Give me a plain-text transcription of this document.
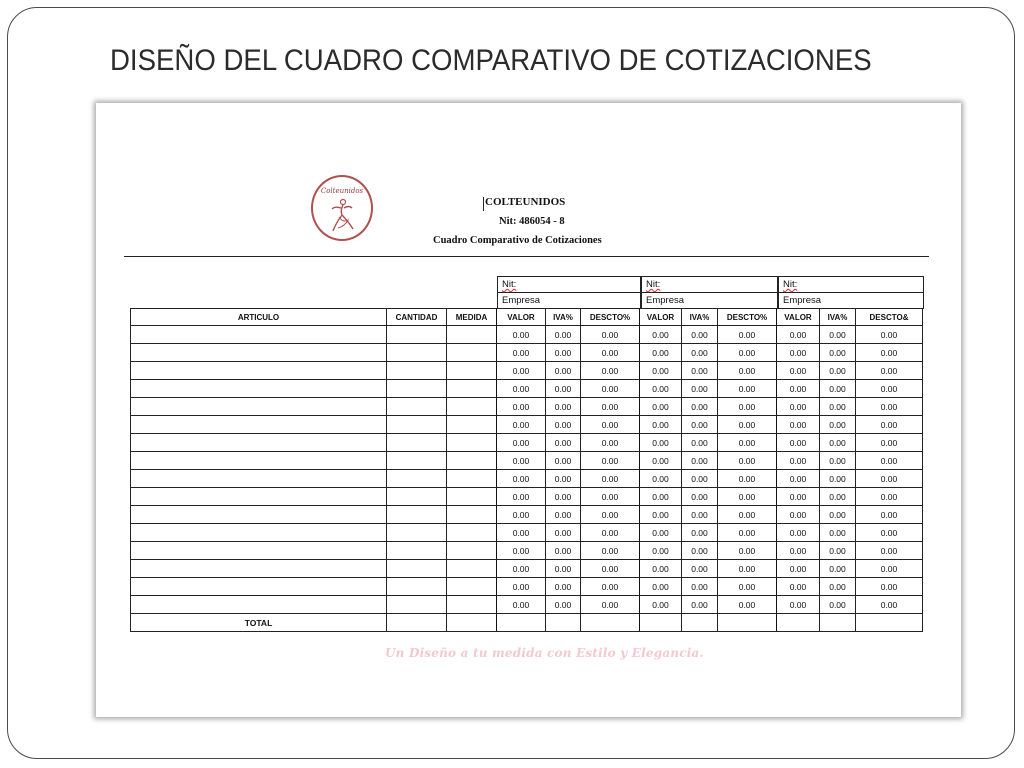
DISEÑO DEL CUADRO COMPARATIVO DE COTIZACIONES
Colteunidos
COLTEUNIDOS
Nit: 486054 - 8
Cuadro Comparativo de Cotizaciones
Nit:
Empresa
Nit:
Empresa
Nit:
Empresa
ARTICULO	CANTIDAD	MEDIDA	VALOR	IVA%	DESCTO%	VALOR	IVA%	DESCTO%	VALOR	IVA%	DESCTO&
			0.00	0.00	0.00	0.00	0.00	0.00	0.00	0.00	0.00
			0.00	0.00	0.00	0.00	0.00	0.00	0.00	0.00	0.00
			0.00	0.00	0.00	0.00	0.00	0.00	0.00	0.00	0.00
			0.00	0.00	0.00	0.00	0.00	0.00	0.00	0.00	0.00
			0.00	0.00	0.00	0.00	0.00	0.00	0.00	0.00	0.00
			0.00	0.00	0.00	0.00	0.00	0.00	0.00	0.00	0.00
			0.00	0.00	0.00	0.00	0.00	0.00	0.00	0.00	0.00
			0.00	0.00	0.00	0.00	0.00	0.00	0.00	0.00	0.00
			0.00	0.00	0.00	0.00	0.00	0.00	0.00	0.00	0.00
			0.00	0.00	0.00	0.00	0.00	0.00	0.00	0.00	0.00
			0.00	0.00	0.00	0.00	0.00	0.00	0.00	0.00	0.00
			0.00	0.00	0.00	0.00	0.00	0.00	0.00	0.00	0.00
			0.00	0.00	0.00	0.00	0.00	0.00	0.00	0.00	0.00
			0.00	0.00	0.00	0.00	0.00	0.00	0.00	0.00	0.00
			0.00	0.00	0.00	0.00	0.00	0.00	0.00	0.00	0.00
			0.00	0.00	0.00	0.00	0.00	0.00	0.00	0.00	0.00
TOTAL											
Un Diseño a tu medida con Estilo y Elegancia.
